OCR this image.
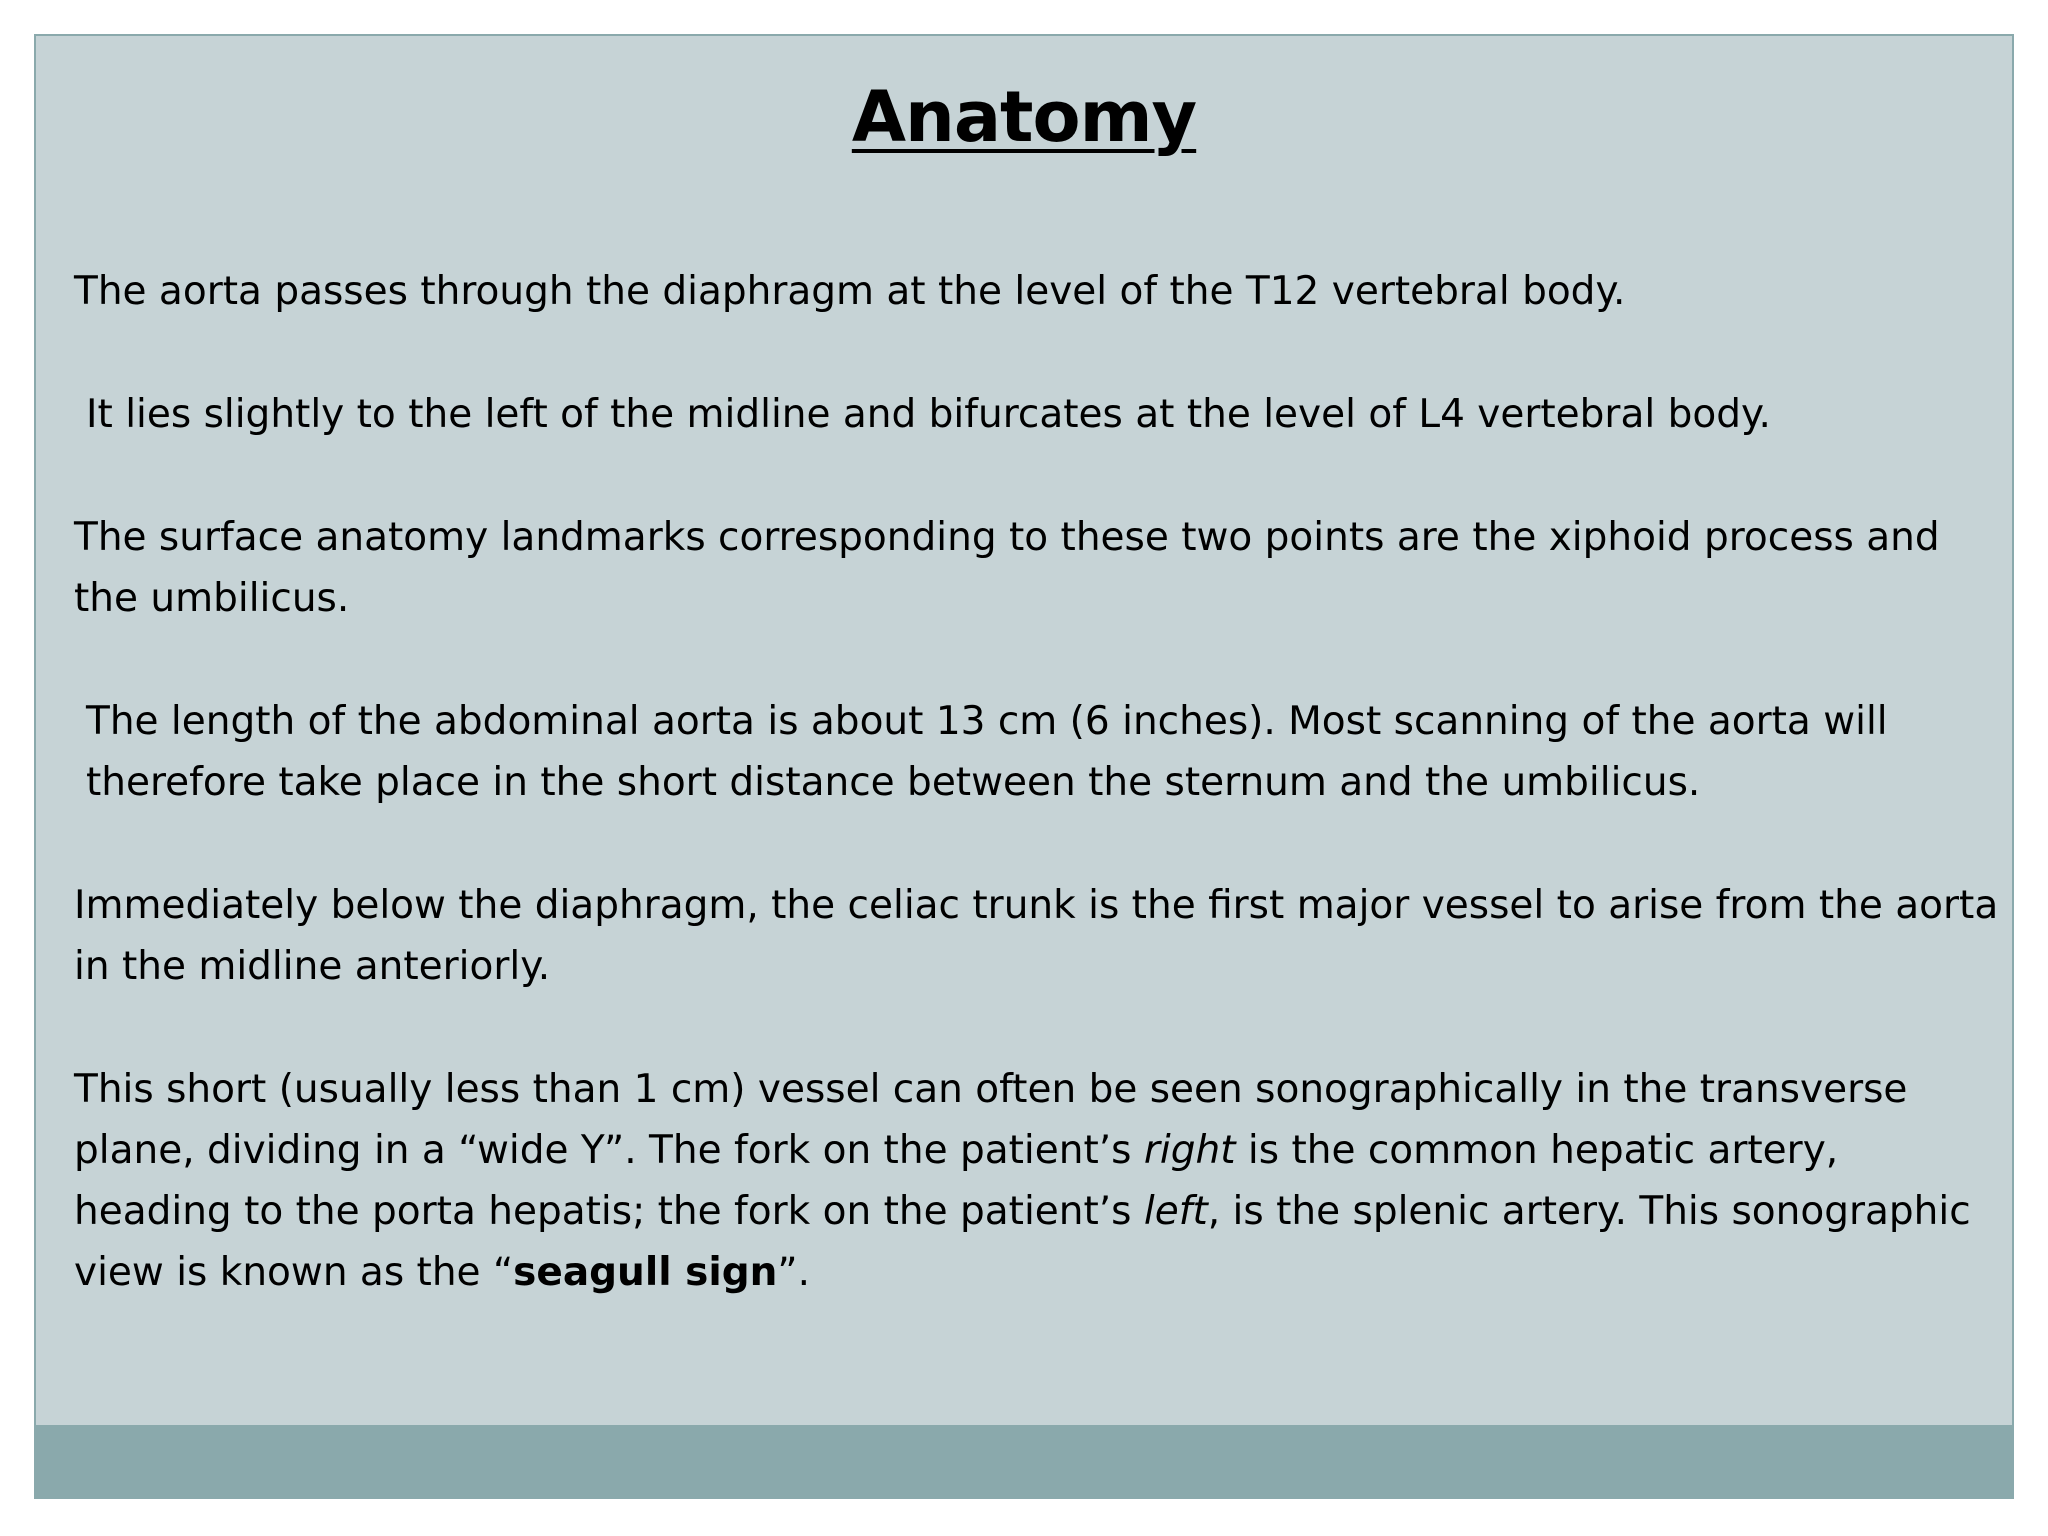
Anatomy

The aorta passes through the diaphragm at the level of the T12 vertebral body.

It lies slightly to the left of the midline and bifurcates at the level of L4 vertebral body.

The surface anatomy landmarks corresponding to these two points are the xiphoid process and the umbilicus.

The length of the abdominal aorta is about 13 cm (6 inches). Most scanning of the aorta will therefore take place in the short distance between the sternum and the umbilicus.

Immediately below the diaphragm, the celiac trunk is the first major vessel to arise from the aorta in the midline anteriorly.

This short (usually less than 1 cm) vessel can often be seen sonographically in the transverse plane, dividing in a “wide Y”. The fork on the patient’s right is the common hepatic artery, heading to the porta hepatis; the fork on the patient’s left, is the splenic artery. This sonographic view is known as the “seagull sign”.
